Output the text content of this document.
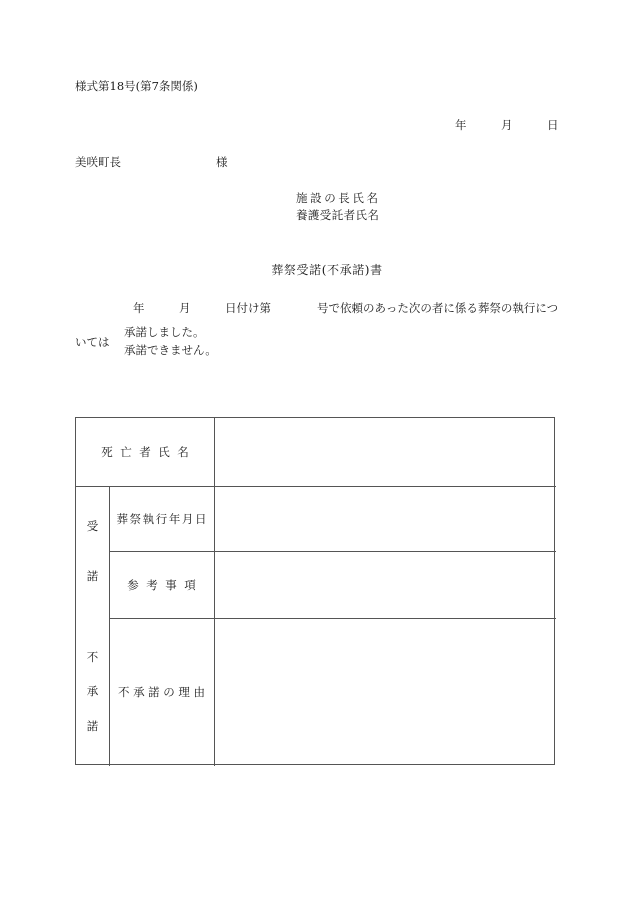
様式第18号(第7条関係)
年　　　月　　　日
美咲町長	様
施設の長氏名
養護受託者氏名
葬祭受諾(不承諾)書
年　　　月　　　日付け第　　　　号で依頼のあった次の者に係る葬祭の執行につ
いては
承諾しました。
承諾できません。
死亡者氏名
受
諾
不
承
諾
葬祭執行年月日
参考事項
不承諾の理由
